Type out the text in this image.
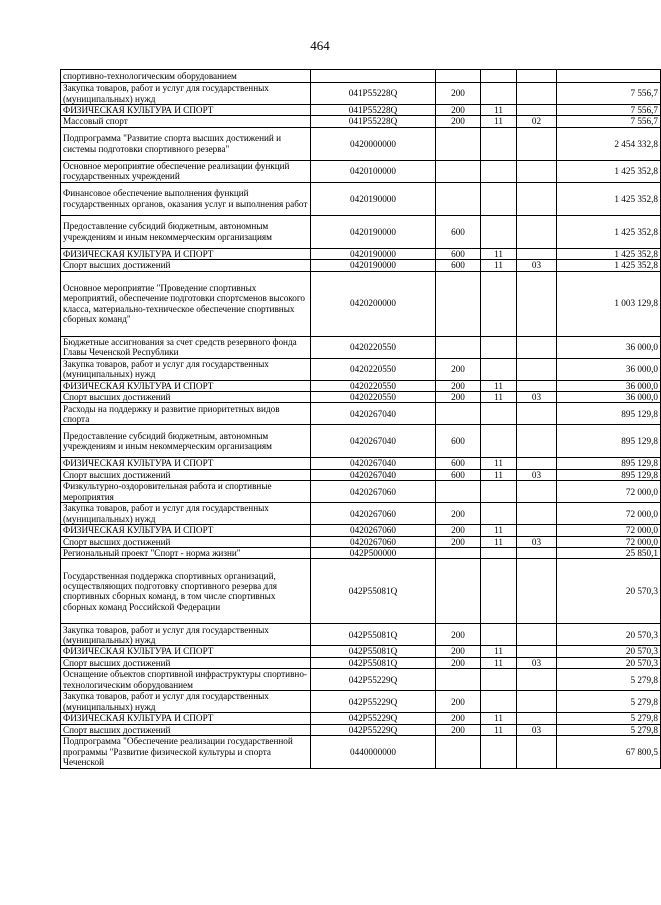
464
спортивно-технологическим оборудованием					
Закупка товаров, работ и услуг для государственных (муниципальных) нужд	041P55228Q	200			7 556,7
ФИЗИЧЕСКАЯ КУЛЬТУРА И СПОРТ	041P55228Q	200	11		7 556,7
Массовый спорт	041P55228Q	200	11	02	7 556,7
Подпрограмма "Развитие спорта высших достижений и системы подготовки спортивного резерва"	0420000000				2 454 332,8
Основное мероприятие обеспечение реализации функций государственных учреждений	0420100000				1 425 352,8
Финансовое обеспечение выполнения функций государственных органов, оказания услуг и выполнения работ	0420190000				1 425 352,8
Предоставление субсидий бюджетным, автономным учреждениям и иным некоммерческим организациям	0420190000	600			1 425 352,8
ФИЗИЧЕСКАЯ КУЛЬТУРА И СПОРТ	0420190000	600	11		1 425 352,8
Спорт высших достижений	0420190000	600	11	03	1 425 352,8
Основное мероприятие "Проведение спортивных мероприятий, обеспечение подготовки спортсменов высокого класса, материально-техническое обеспечение спортивных сборных команд"	0420200000				1 003 129,8
Бюджетные ассигнования за счет средств резервного фонда Главы Чеченской Республики	0420220550				36 000,0
Закупка товаров, работ и услуг для государственных (муниципальных) нужд	0420220550	200			36 000,0
ФИЗИЧЕСКАЯ КУЛЬТУРА И СПОРТ	0420220550	200	11		36 000,0
Спорт высших достижений	0420220550	200	11	03	36 000,0
Расходы на поддержку и развитие приоритетных видов спорта	0420267040				895 129,8
Предоставление субсидий бюджетным, автономным учреждениям и иным некоммерческим организациям	0420267040	600			895 129,8
ФИЗИЧЕСКАЯ КУЛЬТУРА И СПОРТ	0420267040	600	11		895 129,8
Спорт высших достижений	0420267040	600	11	03	895 129,8
Физкультурно-оздоровительная работа и спортивные мероприятия	0420267060				72 000,0
Закупка товаров, работ и услуг для государственных (муниципальных) нужд	0420267060	200			72 000,0
ФИЗИЧЕСКАЯ КУЛЬТУРА И СПОРТ	0420267060	200	11		72 000,0
Спорт высших достижений	0420267060	200	11	03	72 000,0
Региональный проект "Спорт - норма жизни"	042P500000				25 850,1
Государственная поддержка спортивных организаций, осуществляющих подготовку спортивного резерва для спортивных сборных команд, в том числе спортивных сборных команд Российской Федерации	042P55081Q				20 570,3
Закупка товаров, работ и услуг для государственных (муниципальных) нужд	042P55081Q	200			20 570,3
ФИЗИЧЕСКАЯ КУЛЬТУРА И СПОРТ	042P55081Q	200	11		20 570,3
Спорт высших достижений	042P55081Q	200	11	03	20 570,3
Оснащение объектов спортивной инфраструктуры спортивно-технологическим оборудованием	042P55229Q				5 279,8
Закупка товаров, работ и услуг для государственных (муниципальных) нужд	042P55229Q	200			5 279,8
ФИЗИЧЕСКАЯ КУЛЬТУРА И СПОРТ	042P55229Q	200	11		5 279,8
Спорт высших достижений	042P55229Q	200	11	03	5 279,8
Подпрограмма "Обеспечение реализации государственной программы "Развитие физической культуры и спорта Чеченской	0440000000				67 800,5
